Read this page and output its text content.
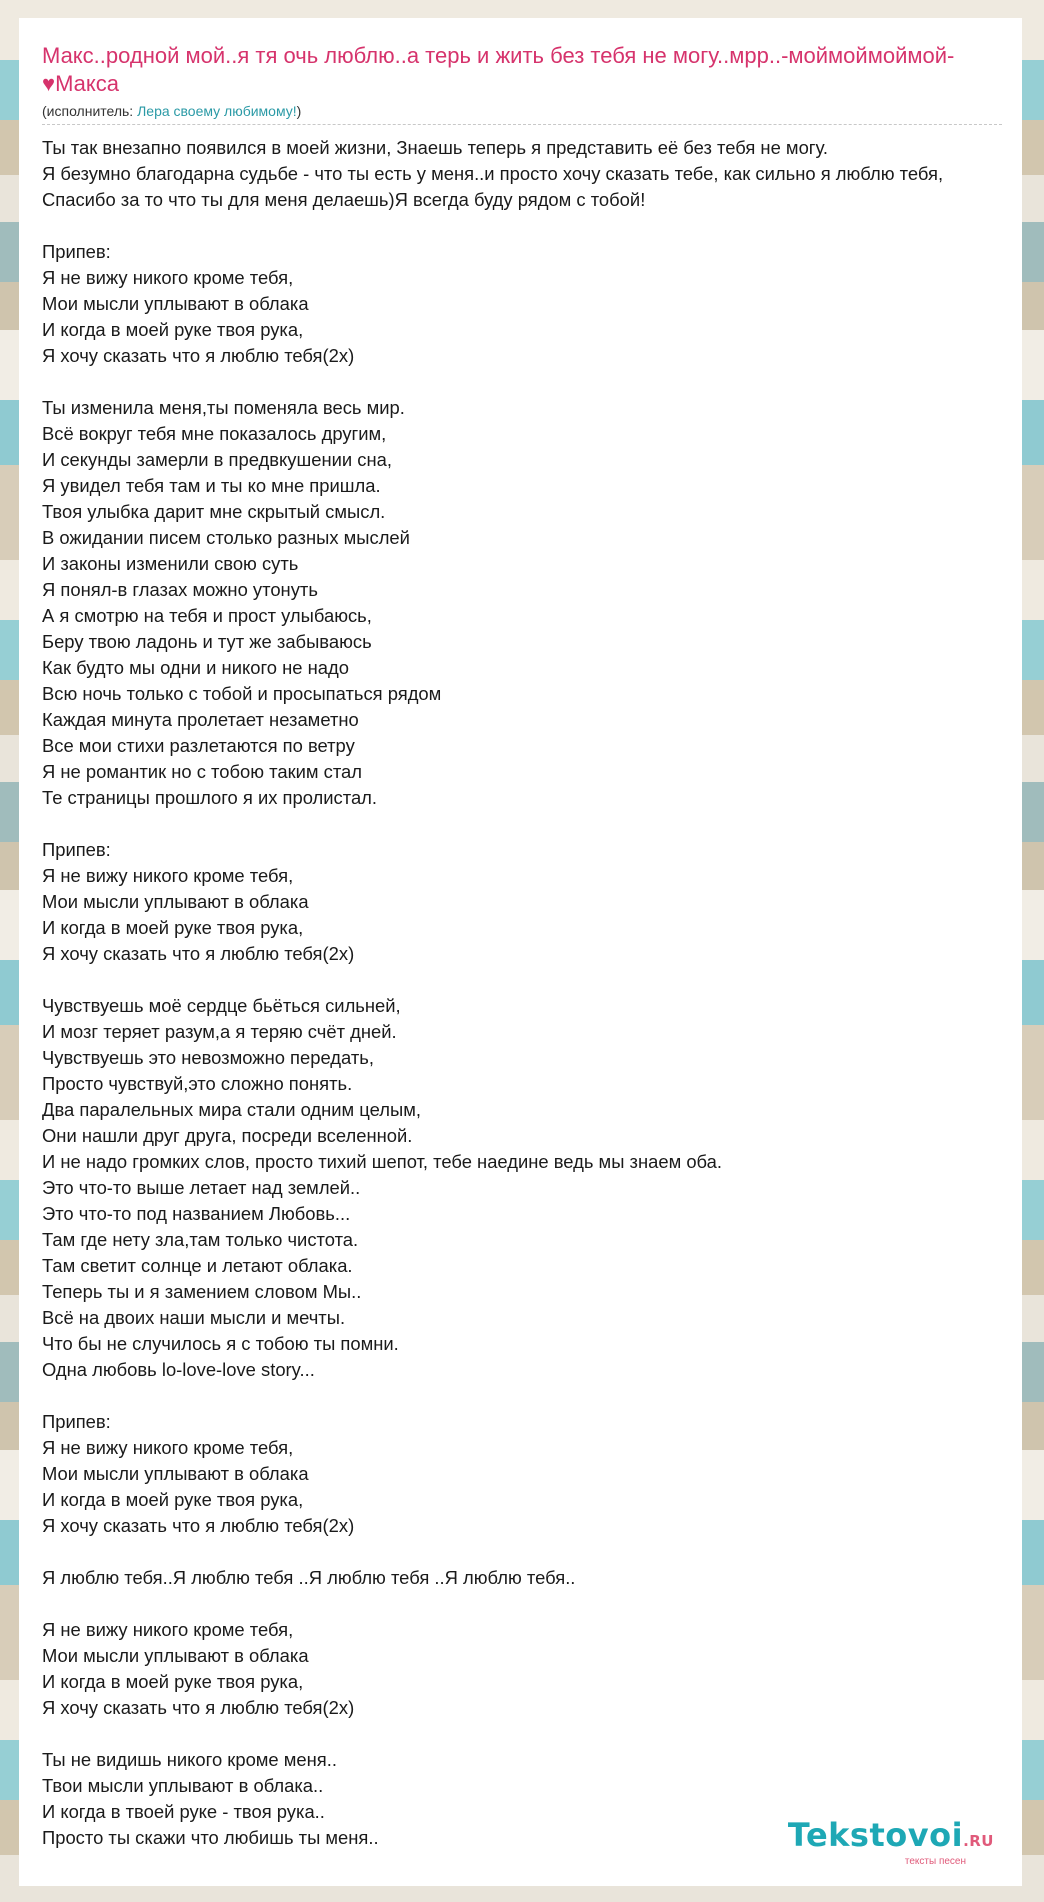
Макс..родной мой..я тя очь люблю..а терь и жить без тебя не могу..мрр..-моймоймоймой-♥Макса
(исполнитель: Лера своему любимому!)
Ты так внезапно появился в моей жизни, Знаешь теперь я представить её без тебя не могу.
Я безумно благодарна судьбе - что ты есть у меня..и просто хочу сказать тебе, как сильно я люблю тебя,
Спасибо за то что ты для меня делаешь)Я всегда буду рядом с тобой!
Припев:
Я не вижу никого кроме тебя,
Мои мысли уплывают в облака
И когда в моей руке твоя рука,
Я хочу сказать что я люблю тебя(2х)
Ты изменила меня,ты поменяла весь мир.
Всё вокруг тебя мне показалось другим,
И секунды замерли в предвкушении сна,
Я увидел тебя там и ты ко мне пришла.
Твоя улыбка дарит мне скрытый смысл.
В ожидании писем столько разных мыслей
И законы изменили свою суть
Я понял-в глазах можно утонуть
А я смотрю на тебя и прост улыбаюсь,
Беру твою ладонь и тут же забываюсь
Как будто мы одни и никого не надо
Всю ночь только с тобой и просыпаться рядом
Каждая минута пролетает незаметно
Все мои стихи разлетаются по ветру
Я не романтик но с тобою таким стал
Те страницы прошлого я их пролистал.
Припев:
Я не вижу никого кроме тебя,
Мои мысли уплывают в облака
И когда в моей руке твоя рука,
Я хочу сказать что я люблю тебя(2х)
Чувствуешь моё сердце бьёться сильней,
И мозг теряет разум,а я теряю счёт дней.
Чувствуешь это невозможно передать,
Просто чувствуй,это сложно понять.
Два паралельных мира стали одним целым,
Они нашли друг друга, посреди вселенной.
И не надо громких слов, просто тихий шепот, тебе наедине ведь мы знаем оба.
Это что-то выше летает над землей..
Это что-то под названием Любовь...
Там где нету зла,там только чистота.
Там светит солнце и летают облака.
Теперь ты и я замением словом Мы..
Всё на двоих наши мысли и мечты.
Что бы не случилось я с тобою ты помни.
Одна любовь lo-love-love story...
Припев:
Я не вижу никого кроме тебя,
Мои мысли уплывают в облака
И когда в моей руке твоя рука,
Я хочу сказать что я люблю тебя(2х)
Я люблю тебя..Я люблю тебя ..Я люблю тебя ..Я люблю тебя..
Я не вижу никого кроме тебя,
Мои мысли уплывают в облака
И когда в моей руке твоя рука,
Я хочу сказать что я люблю тебя(2х)
Ты не видишь никого кроме меня..
Твои мысли уплывают в облака..
И когда в твоей руке - твоя рука..
Просто ты скажи что любишь ты меня..	Tekstovoi.RU
тексты песен
